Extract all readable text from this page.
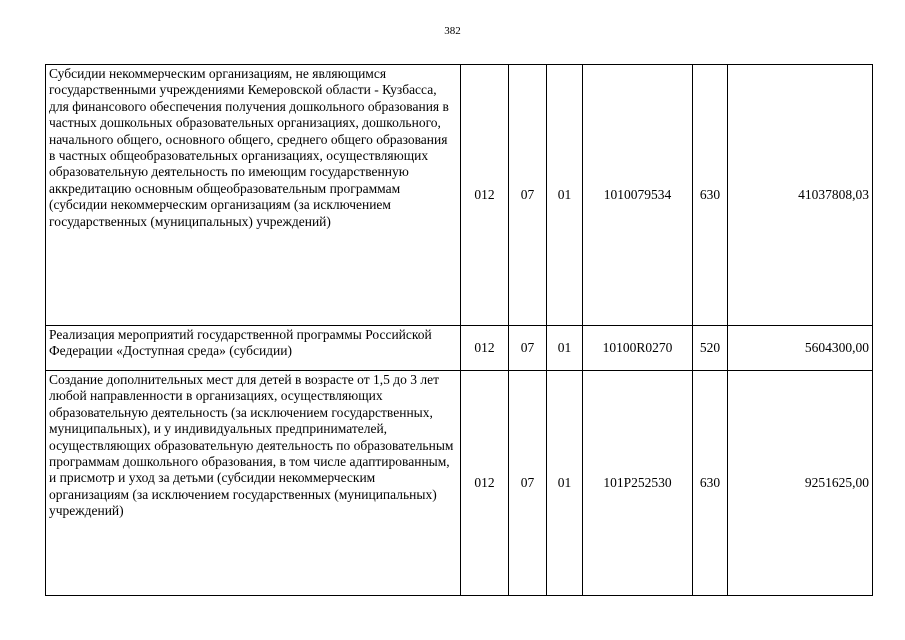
382
Субсидии некоммерческим организациям, не являющимся государственными учреждениями Кемеровской области - Кузбасса, для финансового обеспечения получения дошкольного образования в частных дошкольных образовательных организациях, дошкольного, начального общего, основного общего, среднего общего образования в частных общеобразовательных организациях, осуществляющих образовательную деятельность по имеющим государственную аккредитацию основным общеобразовательным программам (субсидии некоммерческим организациям (за исключением государственных (муниципальных) учреждений)	012	07	01	1010079534	630	41037808,03
Реализация мероприятий государственной программы Российской Федерации «Доступная среда» (субсидии)	012	07	01	10100R0270	520	5604300,00
Создание дополнительных мест для детей в возрасте от 1,5 до 3 лет любой направленности в организациях, осуществляющих образовательную деятельность (за исключением государственных, муниципальных), и у индивидуальных предпринимателей, осуществляющих образовательную деятельность по образовательным программам дошкольного образования, в том числе адаптированным, и присмотр и уход за детьми (субсидии некоммерческим организациям (за исключением государственных (муниципальных) учреждений)	012	07	01	101P252530	630	9251625,00
